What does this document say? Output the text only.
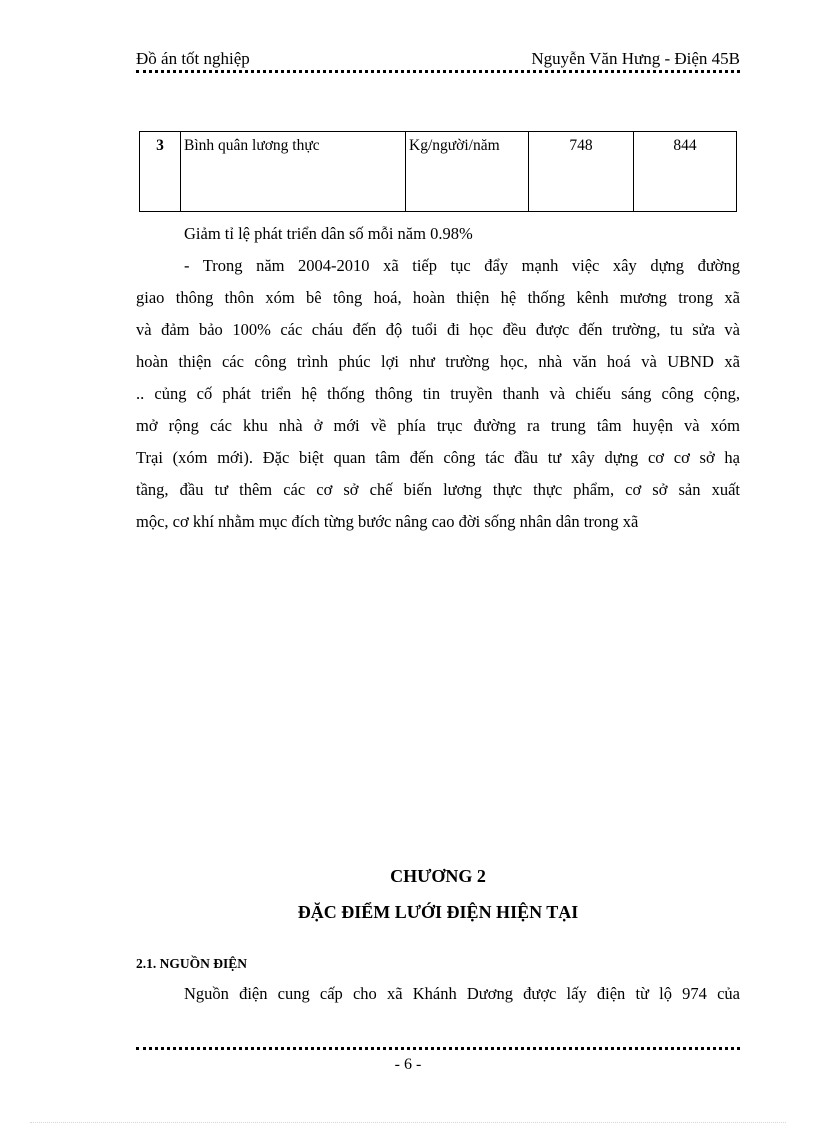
Đồ án tốt nghiệp	Nguyễn Văn Hưng - Điện 45B
3	Bình quân lương thực	Kg/người/năm	748	844
Giảm tỉ lệ phát triển dân số mỗi năm 0.98%
- Trong năm 2004-2010 xã tiếp tục đẩy mạnh việc xây dựng đường
giao thông thôn xóm bê tông hoá, hoàn thiện hệ thống kênh mương trong xã
và đảm bảo 100% các cháu đến độ tuổi đi học đều được đến trường, tu sửa và
hoàn thiện các công trình phúc lợi như trường học, nhà văn hoá và UBND xã
.. củng cố phát triển hệ thống thông tin truyền thanh và chiếu sáng công cộng,
mở rộng các khu nhà ở mới về phía trục đường ra trung tâm huyện và xóm
Trại (xóm mới). Đặc biệt quan tâm đến công tác đầu tư xây dựng cơ cơ sở hạ
tầng, đầu tư thêm các cơ sở chế biến lương thực thực phẩm, cơ sở sản xuất
mộc, cơ khí nhằm mục đích từng bước nâng cao đời sống nhân dân trong xã
CHƯƠNG 2
ĐẶC ĐIỂM LƯỚI ĐIỆN HIỆN TẠI
2.1. NGUỒN ĐIỆN
Nguồn điện cung cấp cho xã Khánh Dương được lấy điện từ lộ 974 của
- 6 -
